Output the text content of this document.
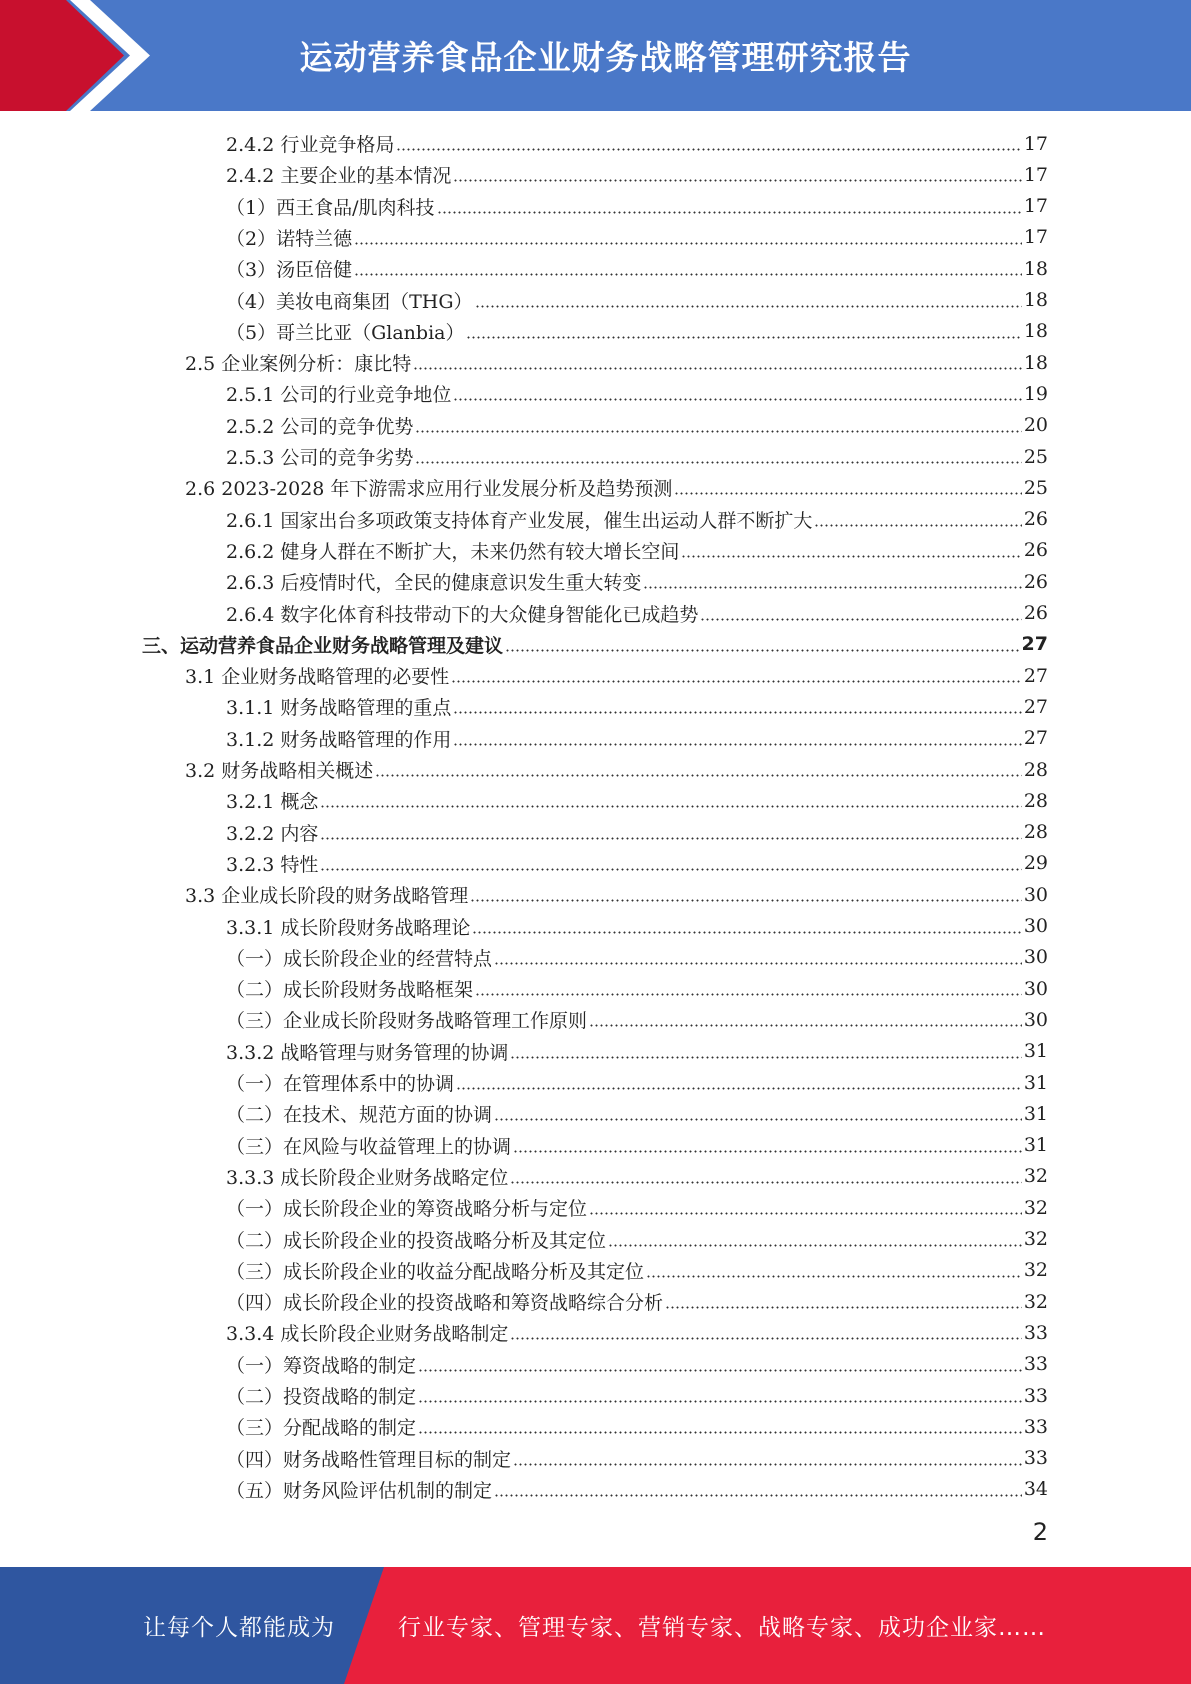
运动营养食品企业财务战略管理研究报告
2.4.2 行业竞争格局	17
2.4.2 主要企业的基本情况	17
（1）西王食品/肌肉科技	17
（2）诺特兰德	17
（3）汤臣倍健	18
（4）美妆电商集团（THG）	18
（5）哥兰比亚（Glanbia）	18
2.5 企业案例分析：康比特	18
2.5.1 公司的行业竞争地位	19
2.5.2 公司的竞争优势	20
2.5.3 公司的竞争劣势	25
2.6 2023-2028 年下游需求应用行业发展分析及趋势预测	25
2.6.1 国家出台多项政策支持体育产业发展，催生出运动人群不断扩大	26
2.6.2 健身人群在不断扩大，未来仍然有较大增长空间	26
2.6.3 后疫情时代，全民的健康意识发生重大转变	26
2.6.4 数字化体育科技带动下的大众健身智能化已成趋势	26
三、运动营养食品企业财务战略管理及建议	27
3.1 企业财务战略管理的必要性	27
3.1.1 财务战略管理的重点	27
3.1.2 财务战略管理的作用	27
3.2 财务战略相关概述	28
3.2.1 概念	28
3.2.2 内容	28
3.2.3 特性	29
3.3 企业成长阶段的财务战略管理	30
3.3.1 成长阶段财务战略理论	30
（一）成长阶段企业的经营特点	30
（二）成长阶段财务战略框架	30
（三）企业成长阶段财务战略管理工作原则	30
3.3.2 战略管理与财务管理的协调	31
（一）在管理体系中的协调	31
（二）在技术、规范方面的协调	31
（三）在风险与收益管理上的协调	31
3.3.3 成长阶段企业财务战略定位	32
（一）成长阶段企业的筹资战略分析与定位	32
（二）成长阶段企业的投资战略分析及其定位	32
（三）成长阶段企业的收益分配战略分析及其定位	32
（四）成长阶段企业的投资战略和筹资战略综合分析	32
3.3.4 成长阶段企业财务战略制定	33
（一）筹资战略的制定	33
（二）投资战略的制定	33
（三）分配战略的制定	33
（四）财务战略性管理目标的制定	33
（五）财务风险评估机制的制定	34
2
让每个人都能成为	行业专家、管理专家、营销专家、战略专家、成功企业家……
